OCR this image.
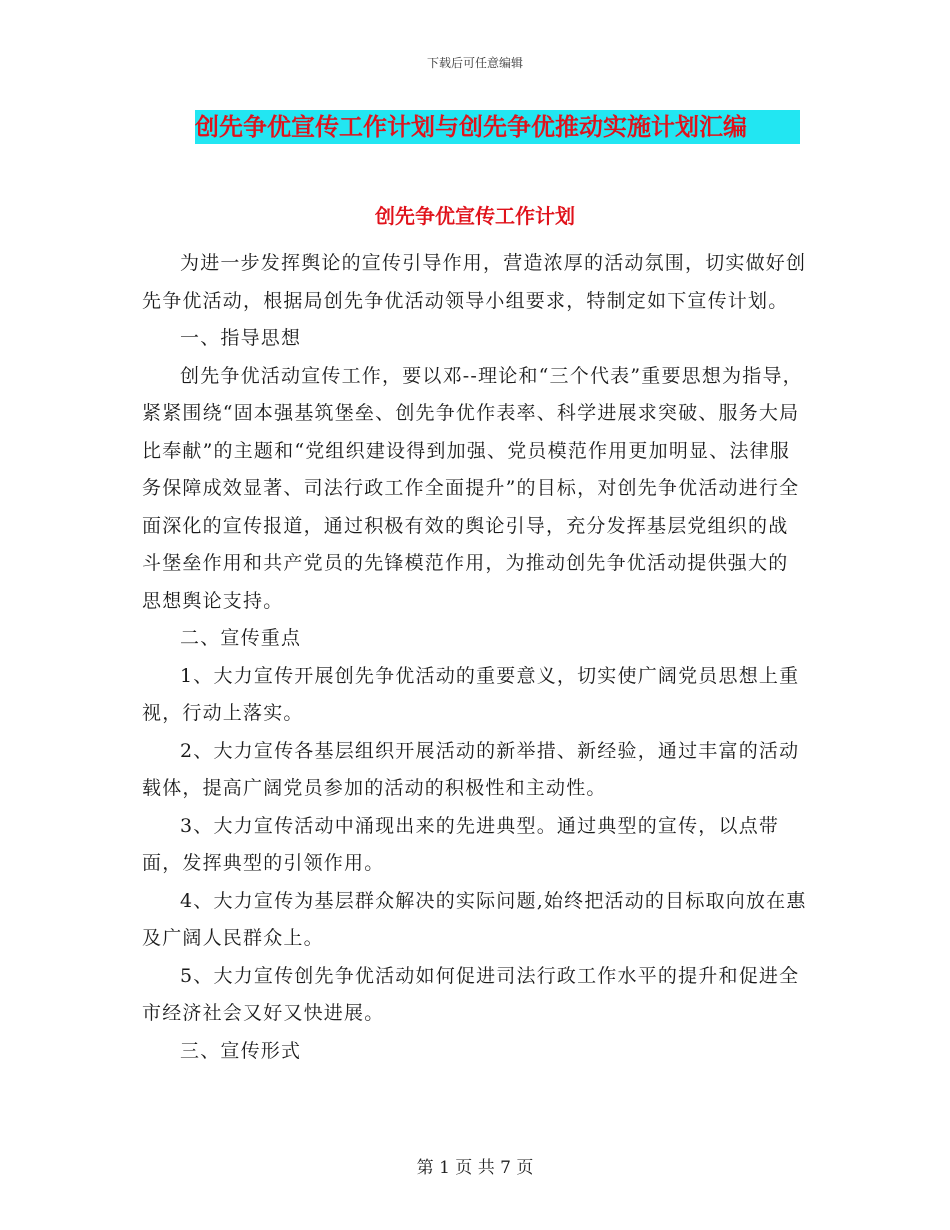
下载后可任意编辑
创先争优宣传工作计划与创先争优推动实施计划汇编
创先争优宣传工作计划

为进一步发挥舆论的宣传引导作用，营造浓厚的活动氛围，切实做好创先争优活动，根据局创先争优活动领导小组要求，特制定如下宣传计划。

一、指导思想

创先争优活动宣传工作，要以邓--理论和“三个代表”重要思想为指导，紧紧围绕“固本强基筑堡垒、创先争优作表率、科学进展求突破、服务大局比奉献”的主题和“党组织建设得到加强、党员模范作用更加明显、法律服务保障成效显著、司法行政工作全面提升”的目标，对创先争优活动进行全面深化的宣传报道，通过积极有效的舆论引导，充分发挥基层党组织的战斗堡垒作用和共产党员的先锋模范作用，为推动创先争优活动提供强大的思想舆论支持。

二、宣传重点

1、大力宣传开展创先争优活动的重要意义，切实使广阔党员思想上重视，行动上落实。

2、大力宣传各基层组织开展活动的新举措、新经验，通过丰富的活动载体，提高广阔党员参加的活动的积极性和主动性。

3、大力宣传活动中涌现出来的先进典型。通过典型的宣传，以点带面，发挥典型的引领作用。

4、大力宣传为基层群众解决的实际问题,始终把活动的目标取向放在惠及广阔人民群众上。

5、大力宣传创先争优活动如何促进司法行政工作水平的提升和促进全市经济社会又好又快进展。

三、宣传形式

第 1 页 共 7 页
